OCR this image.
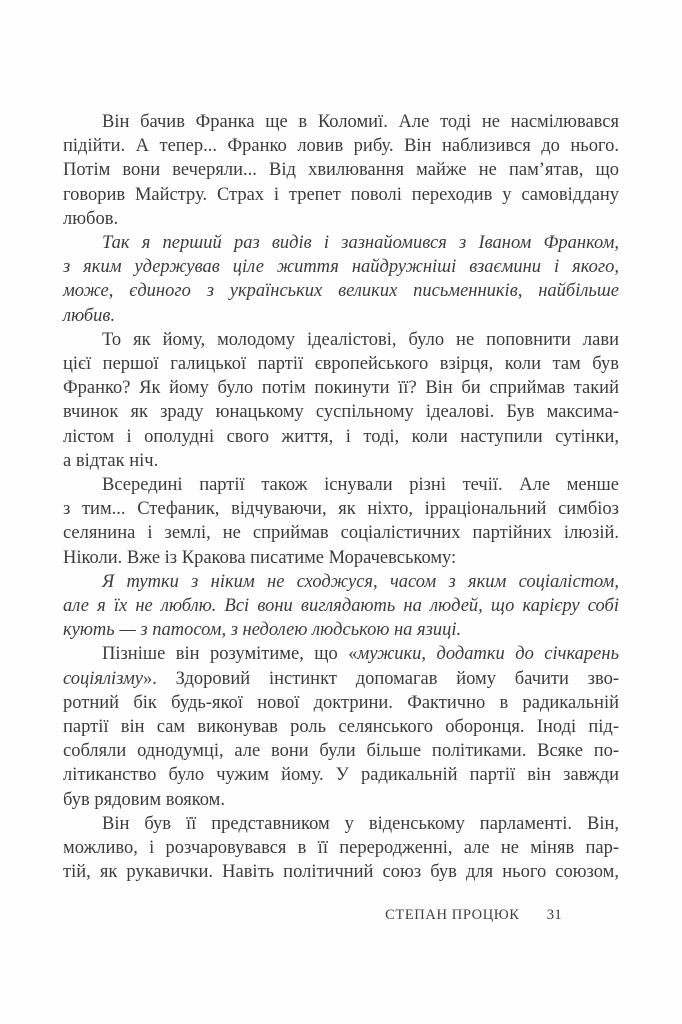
Він бачив Франка ще в Коломиї. Але тоді не насмілювався
підійти. А тепер... Франко ловив рибу. Він наблизився до нього.
Потім вони вечеряли... Від хвилювання майже не пам’ятав, що
говорив Майстру. Страх і трепет поволі переходив у самовіддану
любов.
Так я перший раз видів і зазнайомився з Іваном Франком,
з яким удержував ціле життя найдружніші взаємини і якого,
може, єдиного з українських великих письменників, найбільше
любив.
То як йому, молодому ідеалістові, було не поповнити лави
цієї першої галицької партії європейського взірця, коли там був
Франко? Як йому було потім покинути її? Він би сприймав такий
вчинок як зраду юнацькому суспільному ідеалові. Був максима-
лістом і ополудні свого життя, і тоді, коли наступили сутінки,
а відтак ніч.
Всередині партії також існували різні течії. Але менше
з тим... Стефаник, відчуваючи, як ніхто, ірраціональний симбіоз
селянина і землі, не сприймав соціалістичних партійних ілюзій.
Ніколи. Вже із Кракова писатиме Морачевському:
Я тутки з ніким не сходжуся, часом з яким соціалістом,
але я їх не люблю. Всі вони виглядають на людей, що карієру собі
кують — з патосом, з недолею людською на язиці.
Пізніше він розумітиме, що «мужики, додатки до січкарень
соціялізму». Здоровий інстинкт допомагав йому бачити зво-
ротний бік будь-якої нової доктрини. Фактично в радикальній
партії він сам виконував роль селянського оборонця. Іноді під-
собляли однодумці, але вони були більше політиками. Всяке по-
літиканство було чужим йому. У радикальній партії він завжди
був рядовим вояком.
Він був її представником у віденському парламенті. Він,
можливо, і розчаровувався в її переродженні, але не міняв пар-
тій, як рукавички. Навіть політичний союз був для нього союзом,
СТЕПАН ПРОЦЮК 31
